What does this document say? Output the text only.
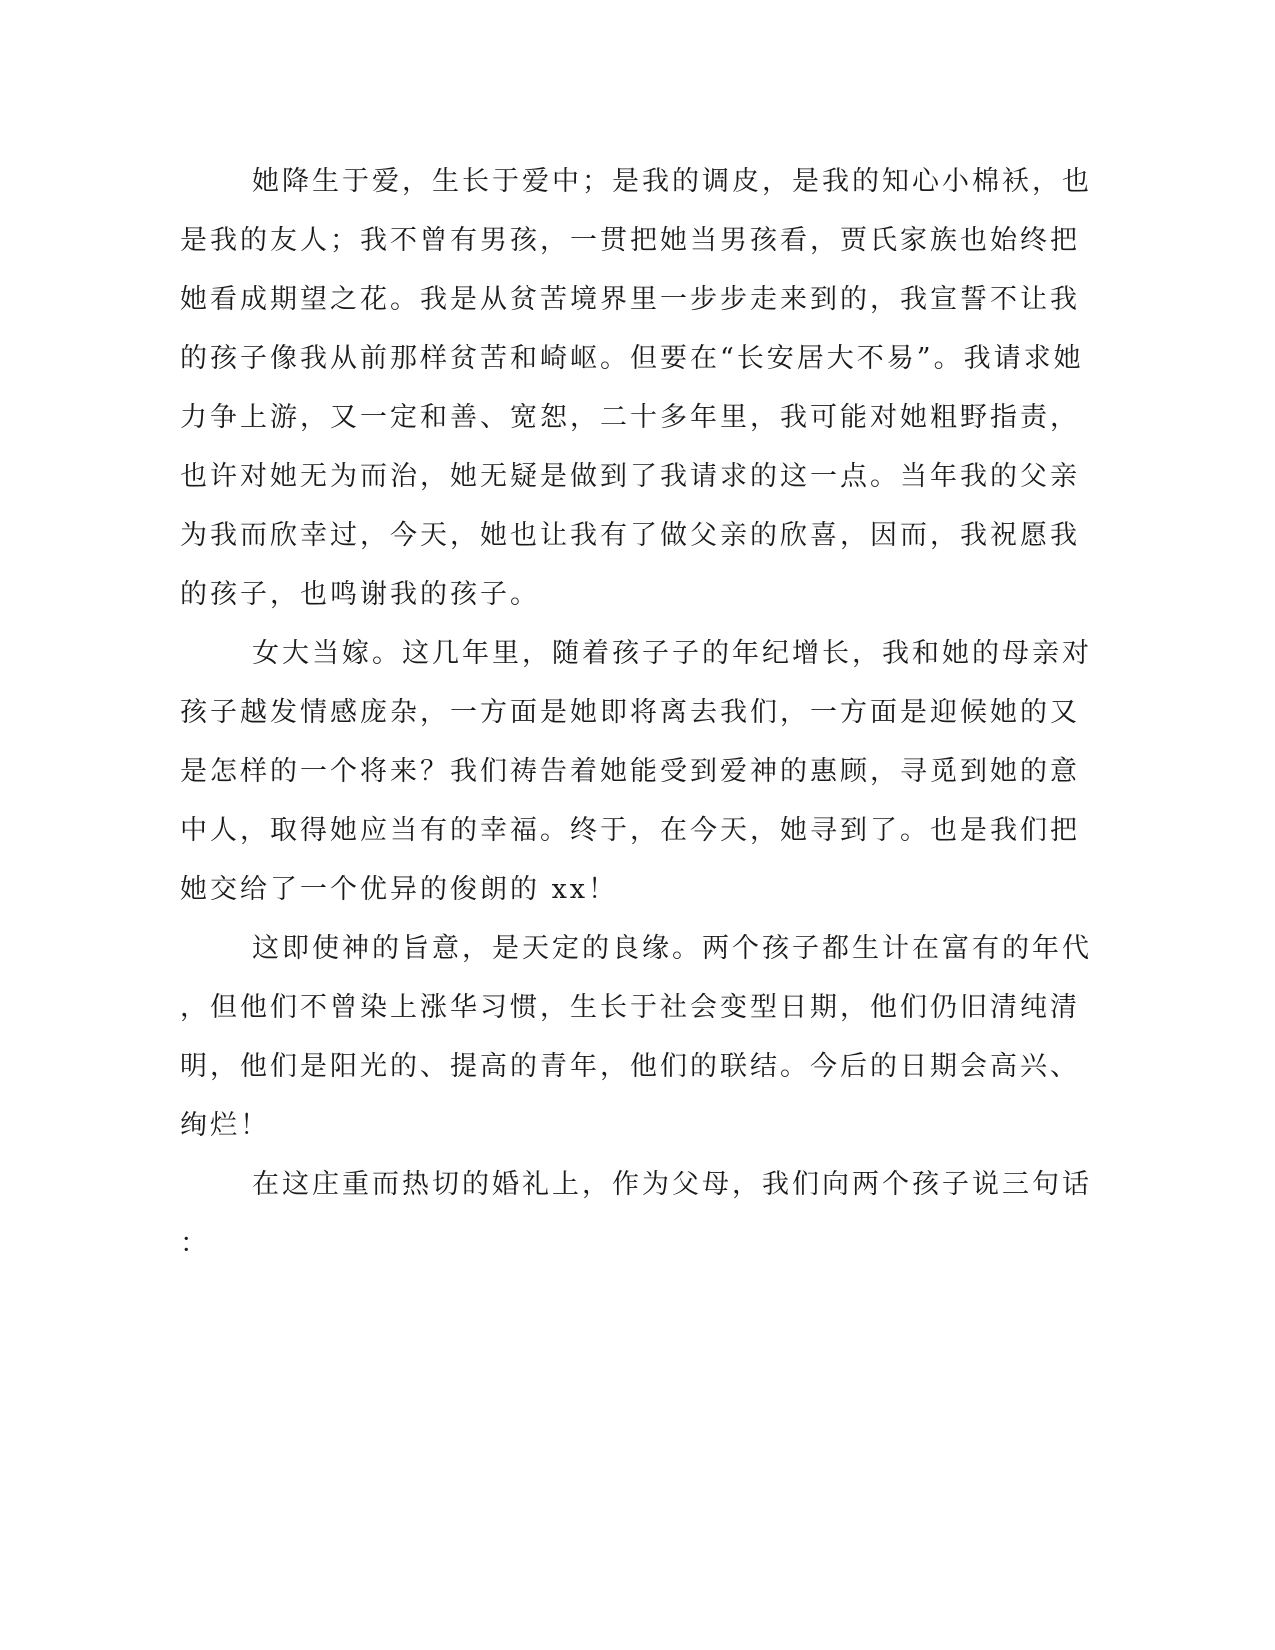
她降生于爱，生长于爱中；是我的调皮，是我的知心小棉袄，也
是我的友人；我不曾有男孩，一贯把她当男孩看，贾氏家族也始终把
她看成期望之花。我是从贫苦境界里一步步走来到的，我宣誓不让我
的孩子像我从前那样贫苦和崎岖。但要在“长安居大不易”。我请求她
力争上游，又一定和善、宽恕，二十多年里，我可能对她粗野指责，
也许对她无为而治，她无疑是做到了我请求的这一点。当年我的父亲
为我而欣幸过，今天，她也让我有了做父亲的欣喜，因而，我祝愿我
的孩子，也鸣谢我的孩子。
女大当嫁。这几年里，随着孩子子的年纪增长，我和她的母亲对
孩子越发情感庞杂，一方面是她即将离去我们，一方面是迎候她的又
是怎样的一个将来？我们祷告着她能受到爱神的惠顾，寻觅到她的意
中人，取得她应当有的幸福。终于，在今天，她寻到了。也是我们把
她交给了一个优异的俊朗的 xx！
这即使神的旨意，是天定的良缘。两个孩子都生计在富有的年代
，但他们不曾染上涨华习惯，生长于社会变型日期，他们仍旧清纯清
明，他们是阳光的、提高的青年，他们的联结。今后的日期会高兴、
绚烂！
在这庄重而热切的婚礼上，作为父母，我们向两个孩子说三句话
：
